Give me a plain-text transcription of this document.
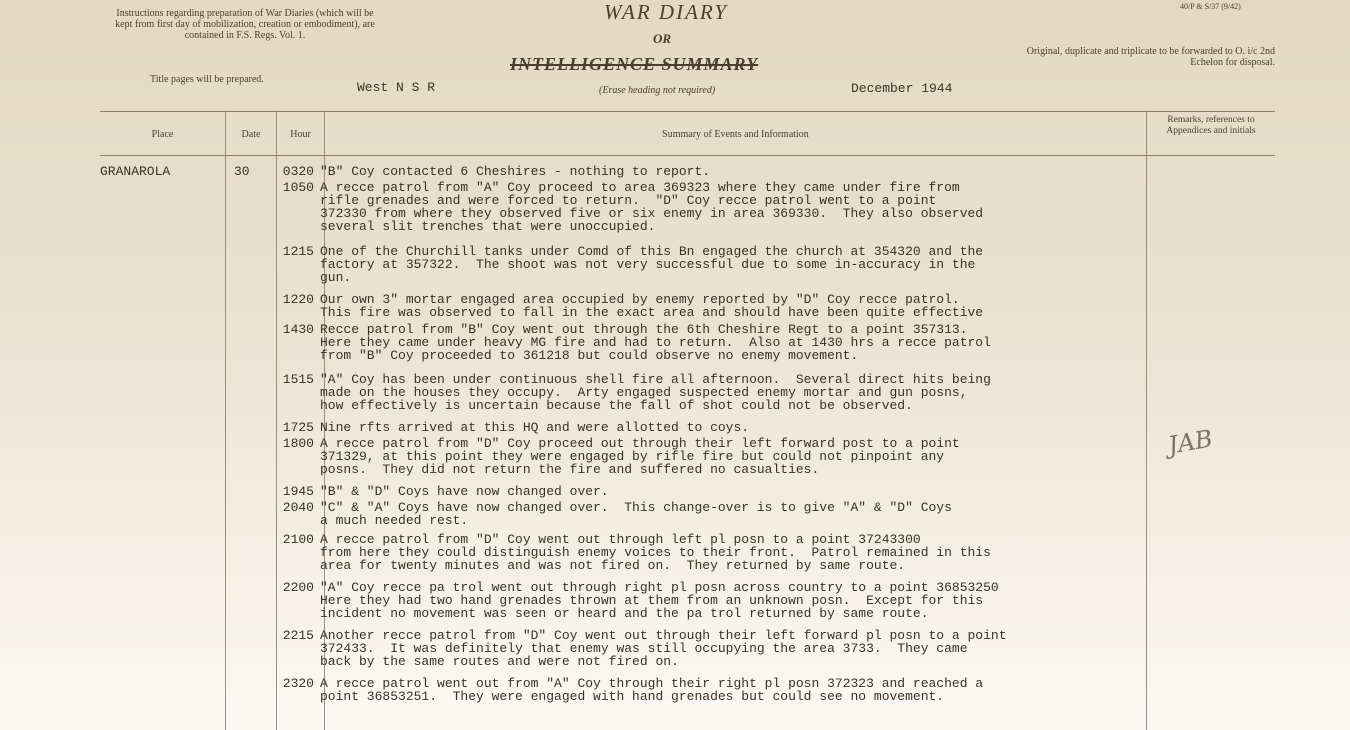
Instructions regarding preparation of War Diaries (which will be kept from first day of mobilization, creation or embodiment), are contained in F.S. Regs. Vol. 1.
WAR DIARY	40/P & S/37 (9/42)
OR
Original, duplicate and triplicate to be forwarded to O. i/c 2nd Echelon for disposal.
INTELLIGENCE SUMMARY
Title pages will be prepared.
West N S R	(Erase heading not required)	December 1944
Place	Date	Hour	Summary of Events and Information
Remarks, references to Appendices and initials
GRANAROLA	30	0320 "B" Coy contacted 6 Cheshires - nothing to report.
1050 A recce patrol from "A" Coy proceed to area 369323 where they came under fire from
rifle grenades and were forced to return.  "D" Coy recce patrol went to a point
372330 from where they observed five or six enemy in area 369330.  They also observed
several slit trenches that were unoccupied.
1215 One of the Churchill tanks under Comd of this Bn engaged the church at 354320 and the
factory at 357322.  The shoot was not very successful due to some in-accuracy in the
gun.
1220 Our own 3" mortar engaged area occupied by enemy reported by "D" Coy recce patrol.
This fire was observed to fall in the exact area and should have been quite effective
1430 Recce patrol from "B" Coy went out through the 6th Cheshire Regt to a point 357313.
Here they came under heavy MG fire and had to return.  Also at 1430 hrs a recce patrol
from "B" Coy proceeded to 361218 but could observe no enemy movement.
1515 "A" Coy has been under continuous shell fire all afternoon.  Several direct hits being
made on the houses they occupy.  Arty engaged suspected enemy mortar and gun posns,
how effectively is uncertain because the fall of shot could not be observed.
1725 Nine rfts arrived at this HQ and were allotted to coys.
1800 A recce patrol from "D" Coy proceed out through their left forward post to a point
371329, at this point they were engaged by rifle fire but could not pinpoint any
posns.  They did not return the fire and suffered no casualties.
1945 "B" & "D" Coys have now changed over.
2040 "C" & "A" Coys have now changed over.  This change-over is to give "A" & "D" Coys
a much needed rest.
2100 A recce patrol from "D" Coy went out through left pl posn to a point 37243300
from here they could distinguish enemy voices to their front.  Patrol remained in this
area for twenty minutes and was not fired on.  They returned by same route.
2200 "A" Coy recce pa trol went out through right pl posn across country to a point 36853250
Here they had two hand grenades thrown at them from an unknown posn.  Except for this
incident no movement was seen or heard and the pa trol returned by same route.
2215 Another recce patrol from "D" Coy went out through their left forward pl posn to a point
372433.  It was definitely that enemy was still occupying the area 3733.  They came
back by the same routes and were not fired on.
2320 A recce patrol went out from "A" Coy through their right pl posn 372323 and reached a
point 36853251.  They were engaged with hand grenades but could see no movement.
JAB
